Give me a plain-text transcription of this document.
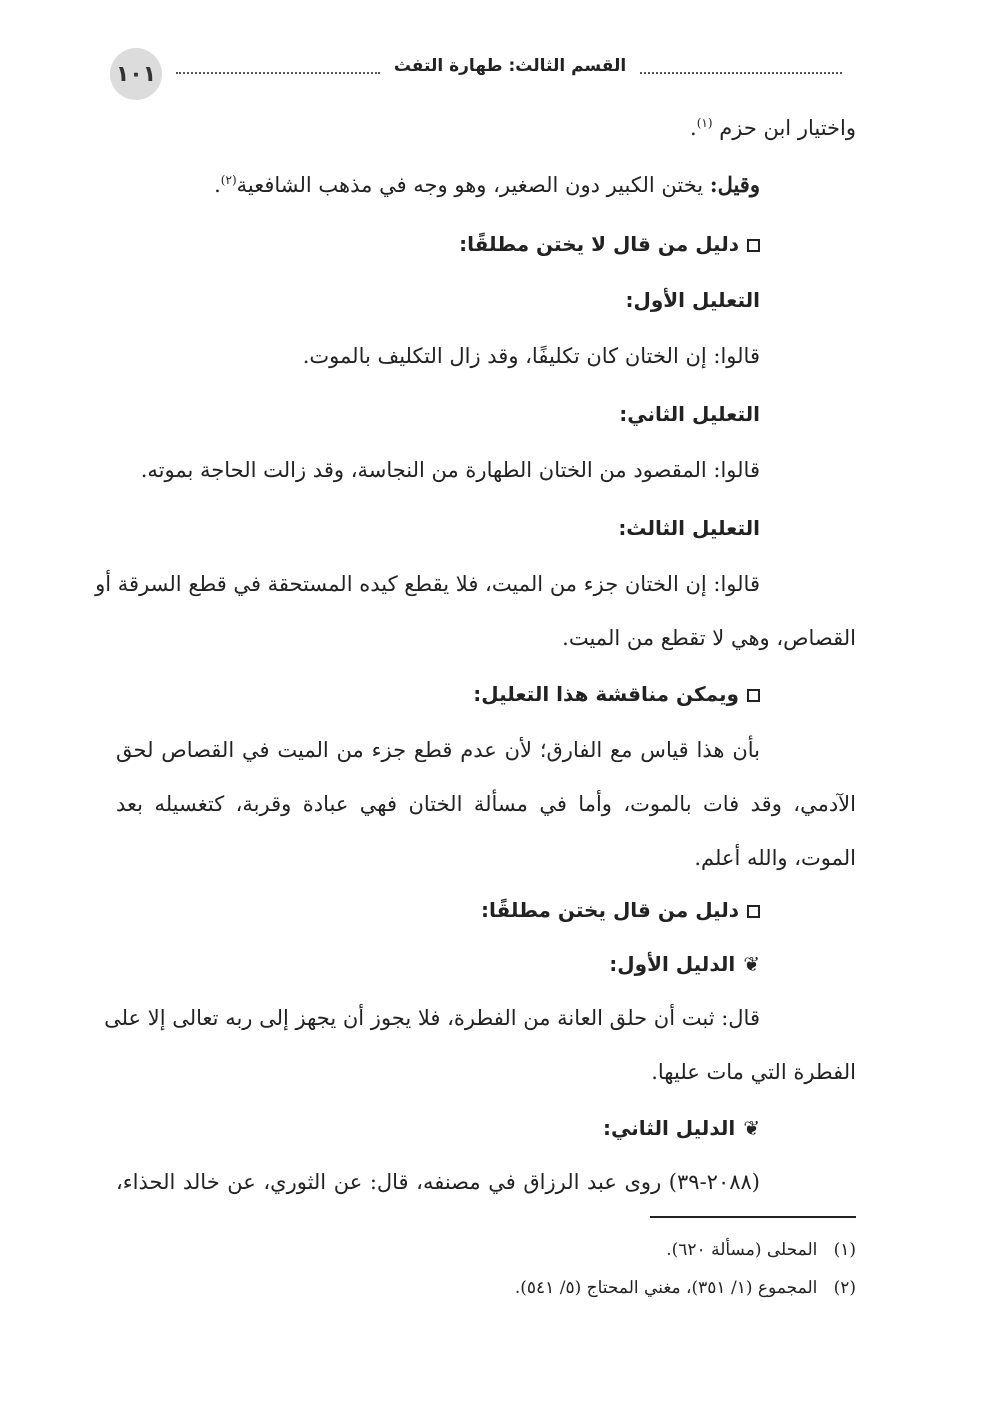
١٠١	القسم الثالث: طهارة التفث
واختيار ابن حزم $^{(١)}$.
وقيل: يختن الكبير دون الصغير، وهو وجه في مذهب الشافعية$^{(٢)}$.
دليل من قال لا يختن مطلقًا:
التعليل الأول:
قالوا: إن الختان كان تكليفًا، وقد زال التكليف بالموت.
التعليل الثاني:
قالوا: المقصود من الختان الطهارة من النجاسة، وقد زالت الحاجة بموته.
التعليل الثالث:
قالوا: إن الختان جزء من الميت، فلا يقطع كيده المستحقة في قطع السرقة أو
القصاص، وهي لا تقطع من الميت.
ويمكن مناقشة هذا التعليل:
بأن هذا قياس مع الفارق؛ لأن عدم قطع جزء من الميت في القصاص لحق
الآدمي، وقد فات بالموت، وأما في مسألة الختان فهي عبادة وقربة، كتغسيله بعد
الموت، والله أعلم.
دليل من قال يختن مطلقًا:
❦الدليل الأول:
قال: ثبت أن حلق العانة من الفطرة، فلا يجوز أن يجهز إلى ربه تعالى إلا على
الفطرة التي مات عليها.
❦الدليل الثاني:
(٢٠٨٨-٣٩) روى عبد الرزاق في مصنفه، قال: عن الثوري، عن خالد الحذاء،
(١)   المحلى (مسألة ٦٢٠).
(٢)   المجموع (١/ ٣٥١)، مغني المحتاج (٥/ ٥٤١).
